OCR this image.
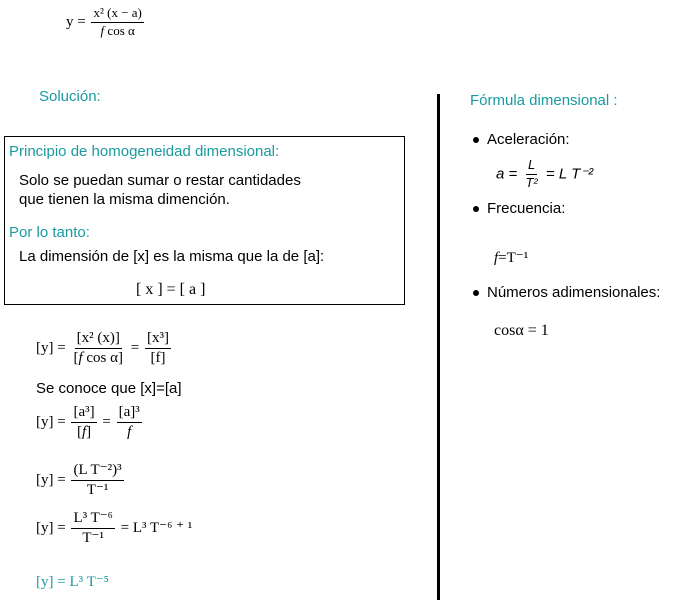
$y = \frac{\text{x² (x − a)}}{\text{f cos α}}$
Solución:
Principio de homogeneidad dimensional:
Solo se puedan sumar o restar cantidades
que tienen la misma dimención.
Por lo tanto:
La dimensión de [x] es la misma que la de [a]:
[ x ] = [ a ]
$[y] = \frac{\text{[x² (x)]}}{\text{[f cos α]}} = \frac{\text{[x³]}}{[f]}$
Se conoce que [x]=[a]
$[y] = \frac{\text{[a³]}}{[f]} = \frac{\text{[a]³}}{f}$
$[y] = \frac{\text{(L T⁻²)³}}{\text{T⁻¹}}$
$[y] = \frac{\text{L³ T⁻⁶}}{\text{T⁻¹}} = L^3$ T⁻⁶ ⁺ ¹
[y] = L³ T⁻⁵
Fórmula dimensional :
Aceleración:
$a = \frac{L}{\text{T²}} = L$ T⁻²
Frecuencia:
f=T⁻¹
Números adimensionales:
cosα = 1
